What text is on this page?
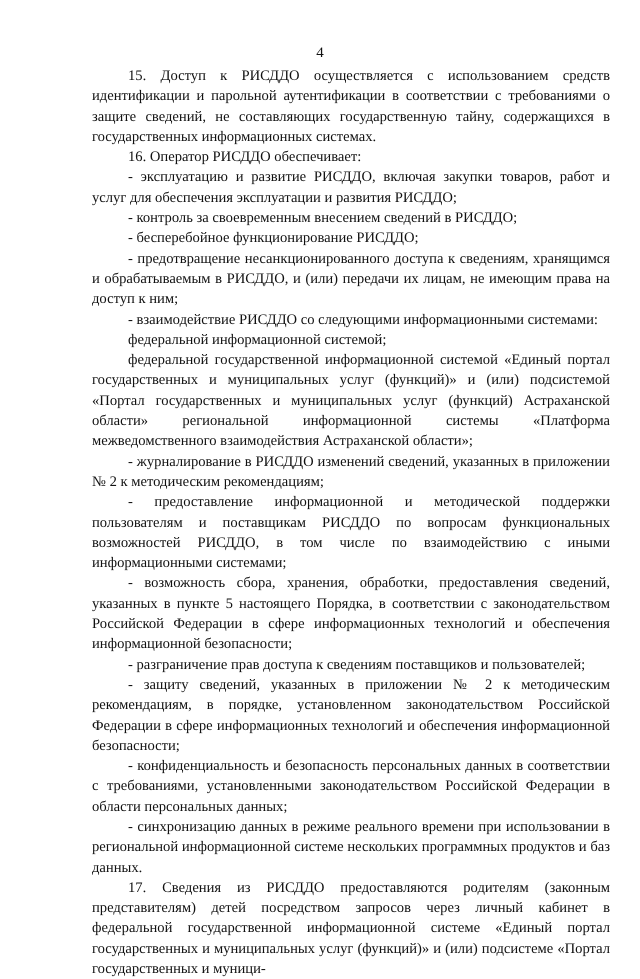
4

15. Доступ к РИСДДО осуществляется с использованием средств идентификации и парольной аутентификации в соответствии с требованиями о защите сведений, не составляющих государственную тайну, содержащихся в государственных информационных системах.

16. Оператор РИСДДО обеспечивает:

- эксплуатацию и развитие РИСДДО, включая закупки товаров, работ и услуг для обеспечения эксплуатации и развития РИСДДО;

- контроль за своевременным внесением сведений в РИСДДО;

- бесперебойное функционирование РИСДДО;

- предотвращение несанкционированного доступа к сведениям, хранящимся и обрабатываемым в РИСДДО, и (или) передачи их лицам, не имеющим права на доступ к ним;

- взаимодействие РИСДДО со следующими информационными системами:

федеральной информационной системой;

федеральной государственной информационной системой «Единый портал государственных и муниципальных услуг (функций)» и (или) подсистемой «Портал государственных и муниципальных услуг (функций) Астраханской области» региональной информационной системы «Платформа межведомственного взаимодействия Астраханской области»;

- журналирование в РИСДДО изменений сведений, указанных в приложении № 2 к методическим рекомендациям;

- предоставление информационной и методической поддержки пользователям и поставщикам РИСДДО по вопросам функциональных возможностей РИСДДО, в том числе по взаимодействию с иными информационными системами;

- возможность сбора, хранения, обработки, предоставления сведений, указанных в пункте 5 настоящего Порядка, в соответствии с законодательством Российской Федерации в сфере информационных технологий и обеспечения информационной безопасности;

- разграничение прав доступа к сведениям поставщиков и пользователей;

- защиту сведений, указанных в приложении № 2 к методическим рекомендациям, в порядке, установленном законодательством Российской Федерации в сфере информационных технологий и обеспечения информационной безопасности;

- конфиденциальность и безопасность персональных данных в соответствии с требованиями, установленными законодательством Российской Федерации в области персональных данных;

- синхронизацию данных в режиме реального времени при использовании в региональной информационной системе нескольких программных продуктов и баз данных.

17. Сведения из РИСДДО предоставляются родителям (законным представителям) детей посредством запросов через личный кабинет в федеральной государственной информационной системе «Единый портал государственных и муниципальных услуг (функций)» и (или) подсистеме «Портал государственных и муници-
